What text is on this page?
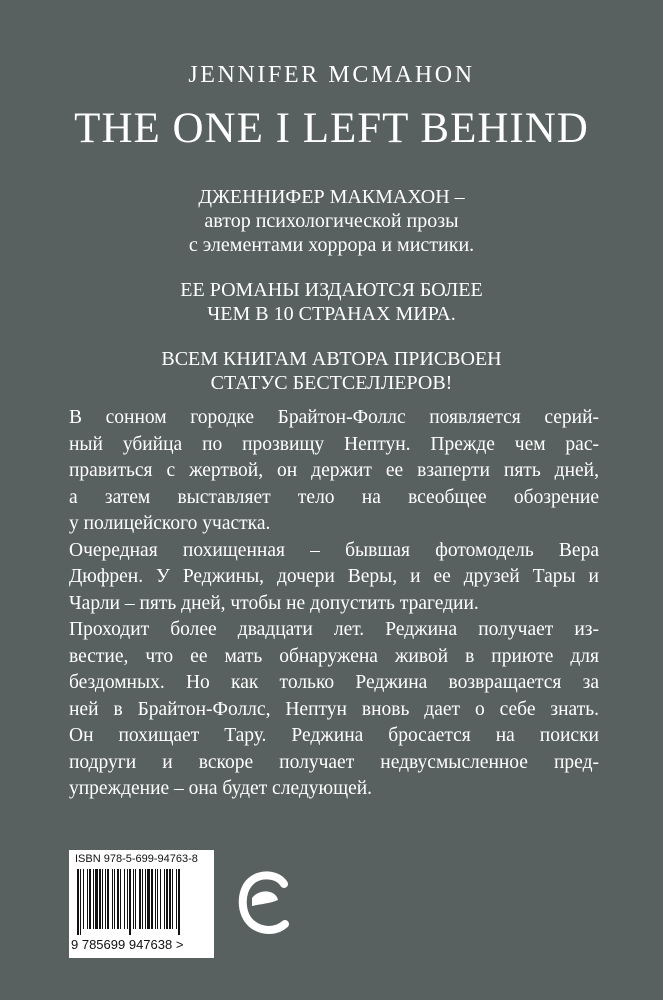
JENNIFER MCMAHON
THE ONE I LEFT BEHIND
ДЖЕННИФЕР МАКМАХОН –
автор психологической прозы
с элементами хоррора и мистики.
ЕЕ РОМАНЫ ИЗДАЮТСЯ БОЛЕЕ
ЧЕМ В 10 СТРАНАХ МИРА.
ВСЕМ КНИГАМ АВТОРА ПРИСВОЕН
СТАТУС БЕСТСЕЛЛЕРОВ!
В сонном городке Брайтон-Фоллс появляется серий-
ный убийца по прозвищу Нептун. Прежде чем рас-
правиться с жертвой, он держит ее взаперти пять дней,
а затем выставляет тело на всеобщее обозрение
у полицейского участка.
Очередная похищенная – бывшая фотомодель Вера
Дюфрен. У Реджины, дочери Веры, и ее друзей Тары и
Чарли – пять дней, чтобы не допустить трагедии.
Проходит более двадцати лет. Реджина получает из-
вестие, что ее мать обнаружена живой в приюте для
бездомных. Но как только Реджина возвращается за
ней в Брайтон-Фоллс, Нептун вновь дает о себе знать.
Он похищает Тару. Реджина бросается на поиски
подруги и вскоре получает недвусмысленное пред-
упреждение – она будет следующей.
ISBN 978-5-699-94763-8
9 785699 947638 >
